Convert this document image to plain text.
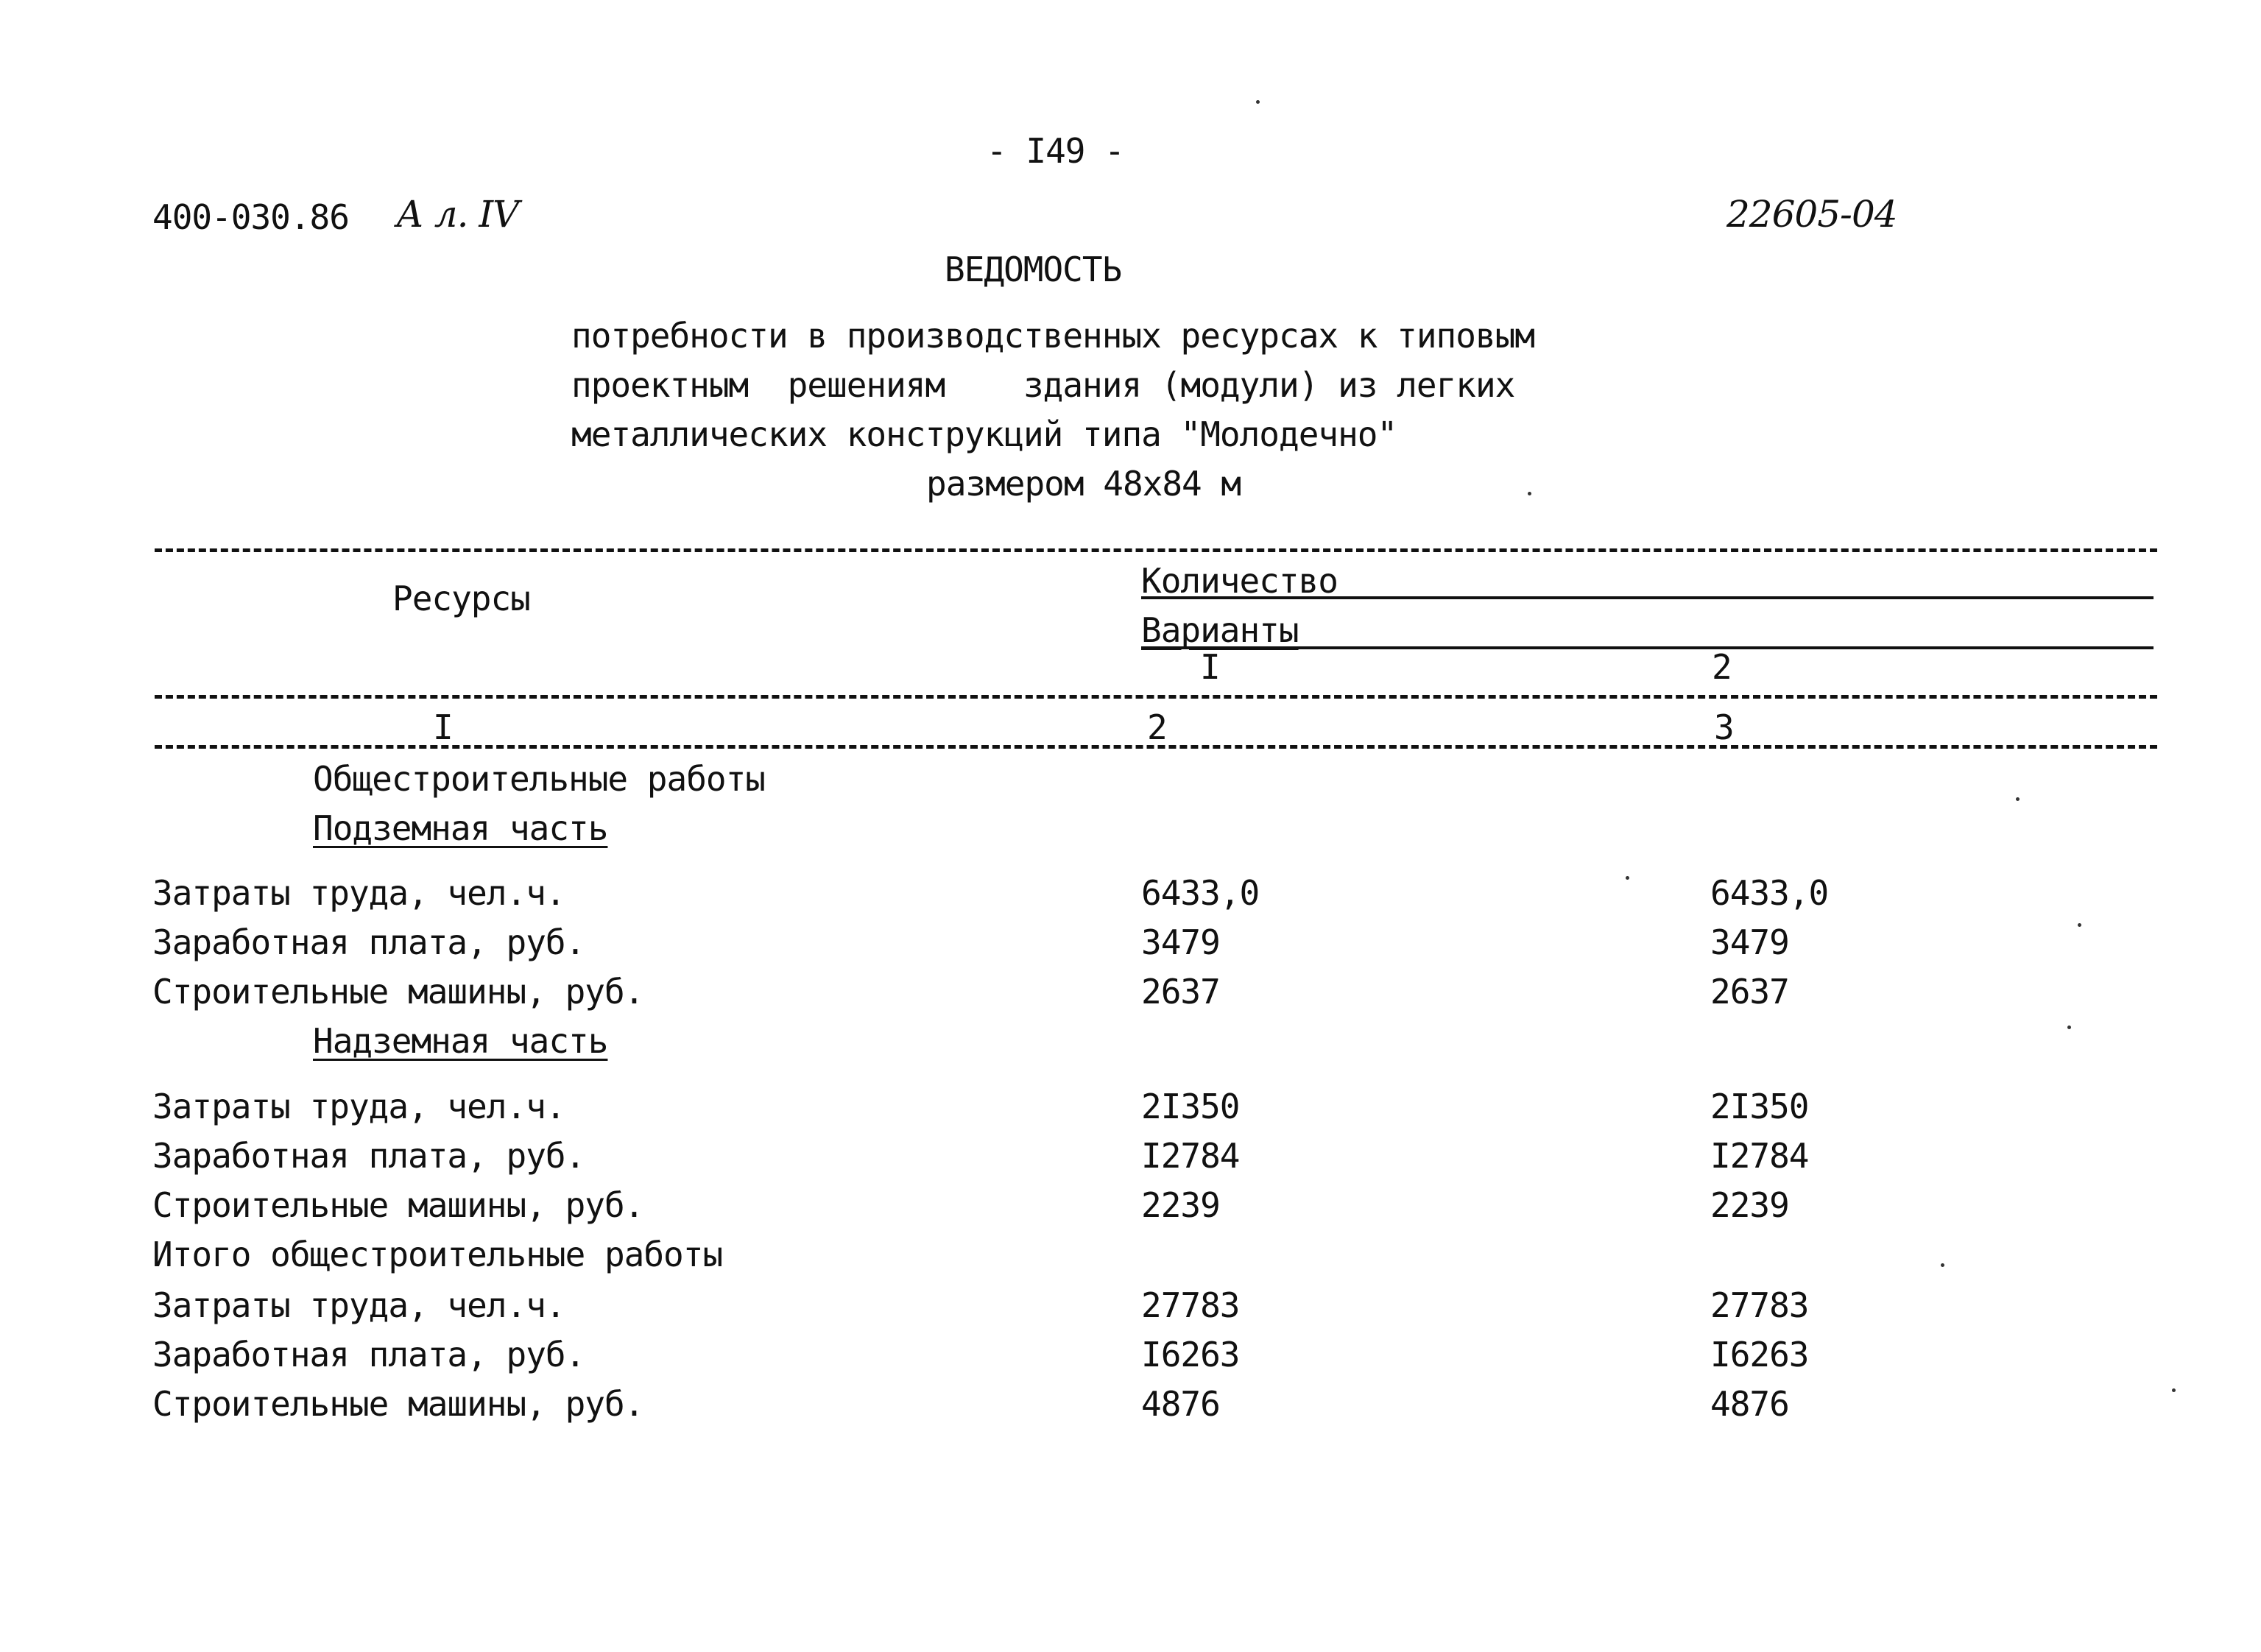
- I49 -
400-030.86 А л. IV	22605-04
ВЕДОМОСТЬ
потребности в производственных ресурсах к типовым
проектным  решениям    здания (модули) из легких
металлических конструкций типа "Молодечно"
размером 48x84 м
Ресурсы	Количество
Варианты
I	2
I	2	3
Общестроительные работы
Подземная часть
Затраты труда, чел.ч.	6433,0	6433,0
Заработная плата, руб.	3479	3479
Строительные машины, руб.	2637	2637
Надземная часть
Затраты труда, чел.ч.	2I350	2I350
Заработная плата, руб.	I2784	I2784
Строительные машины, руб.	2239	2239
Итого общестроительные работы
Затраты труда, чел.ч.	27783	27783
Заработная плата, руб.	I6263	I6263
Строительные машины, руб.	4876	4876
